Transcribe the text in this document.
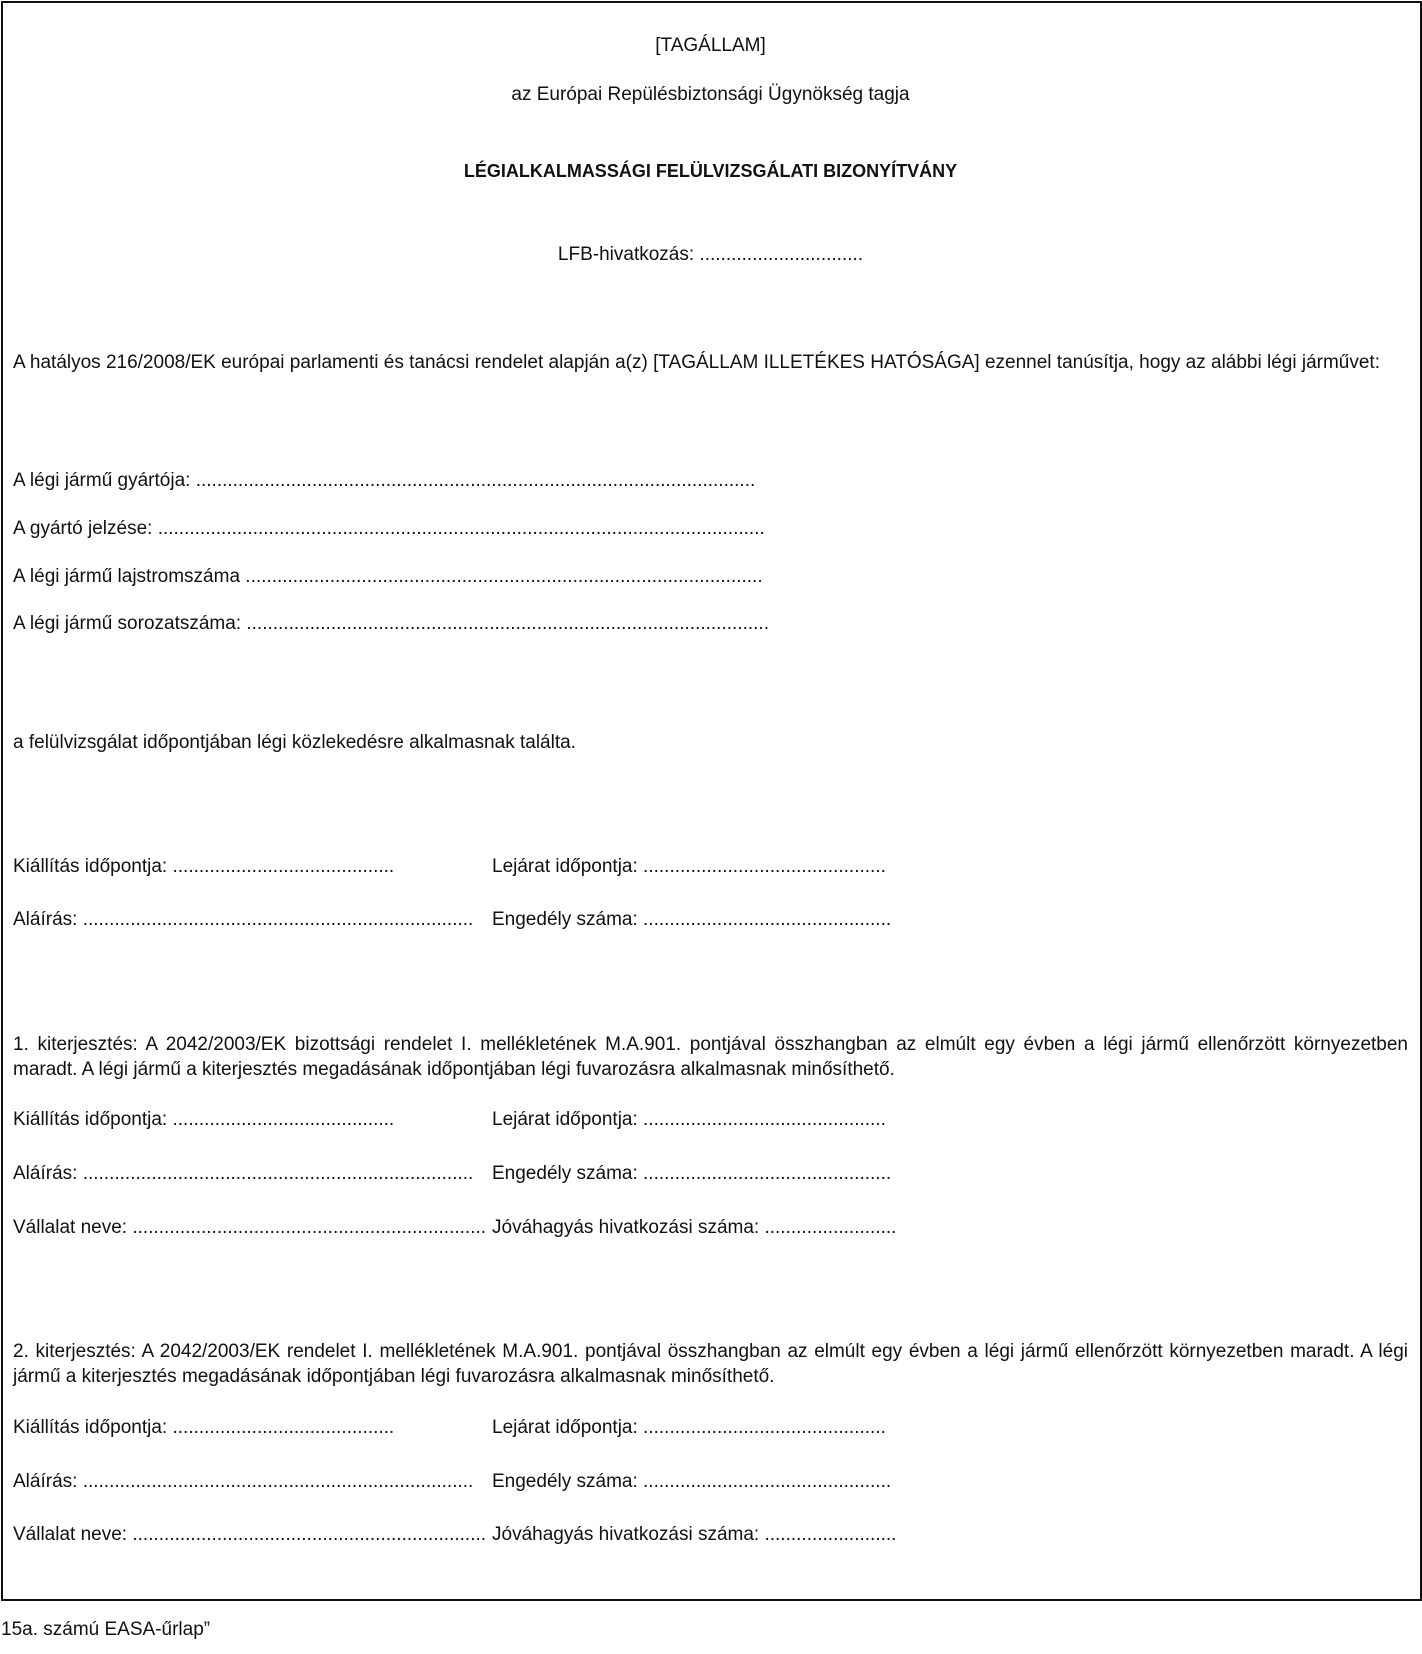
[TAGÁLLAM]
az Európai Repülésbiztonsági Ügynökség tagja
LÉGIALKALMASSÁGI FELÜLVIZSGÁLATI BIZONYÍTVÁNY
LFB-hivatkozás: ...............................
A hatályos 216/2008/EK európai parlamenti és tanácsi rendelet alapján a(z) [TAGÁLLAM ILLETÉKES HATÓSÁGA] ezennel tanúsítja, hogy az alábbi légi járművet:
A légi jármű gyártója: ..........................................................................................................
A gyártó jelzése: ...................................................................................................................
A légi jármű lajstromszáma ..................................................................................................
A légi jármű sorozatszáma: ...................................................................................................
a felülvizsgálat időpontjában légi közlekedésre alkalmasnak találta.
Kiállítás időpontja: ..........................................	Lejárat időpontja: ..............................................
Aláírás: .......................................................................... Engedély száma: ...............................................
1. kiterjesztés: A 2042/2003/EK bizottsági rendelet I. mellékletének M.A.901. pontjával összhangban az elmúlt egy évben a légi jármű ellenőrzött környezetben maradt. A légi jármű a kiterjesztés megadásának időpontjában légi fuvarozásra alkalmasnak minősíthető.
Kiállítás időpontja: ..........................................	Lejárat időpontja: ..............................................
Aláírás: .......................................................................... Engedély száma: ...............................................
Vállalat neve: ................................................................... Jóváhagyás hivatkozási száma: .........................
2. kiterjesztés: A 2042/2003/EK rendelet I. mellékletének M.A.901. pontjával összhangban az elmúlt egy évben a légi jármű ellenőrzött környezetben maradt. A légi jármű a kiterjesztés megadásának időpontjában légi fuvarozásra alkalmasnak minősíthető.
Kiállítás időpontja: ..........................................	Lejárat időpontja: ..............................................
Aláírás: .......................................................................... Engedély száma: ...............................................
Vállalat neve: ................................................................... Jóváhagyás hivatkozási száma: .........................
15a. számú EASA-űrlap”
